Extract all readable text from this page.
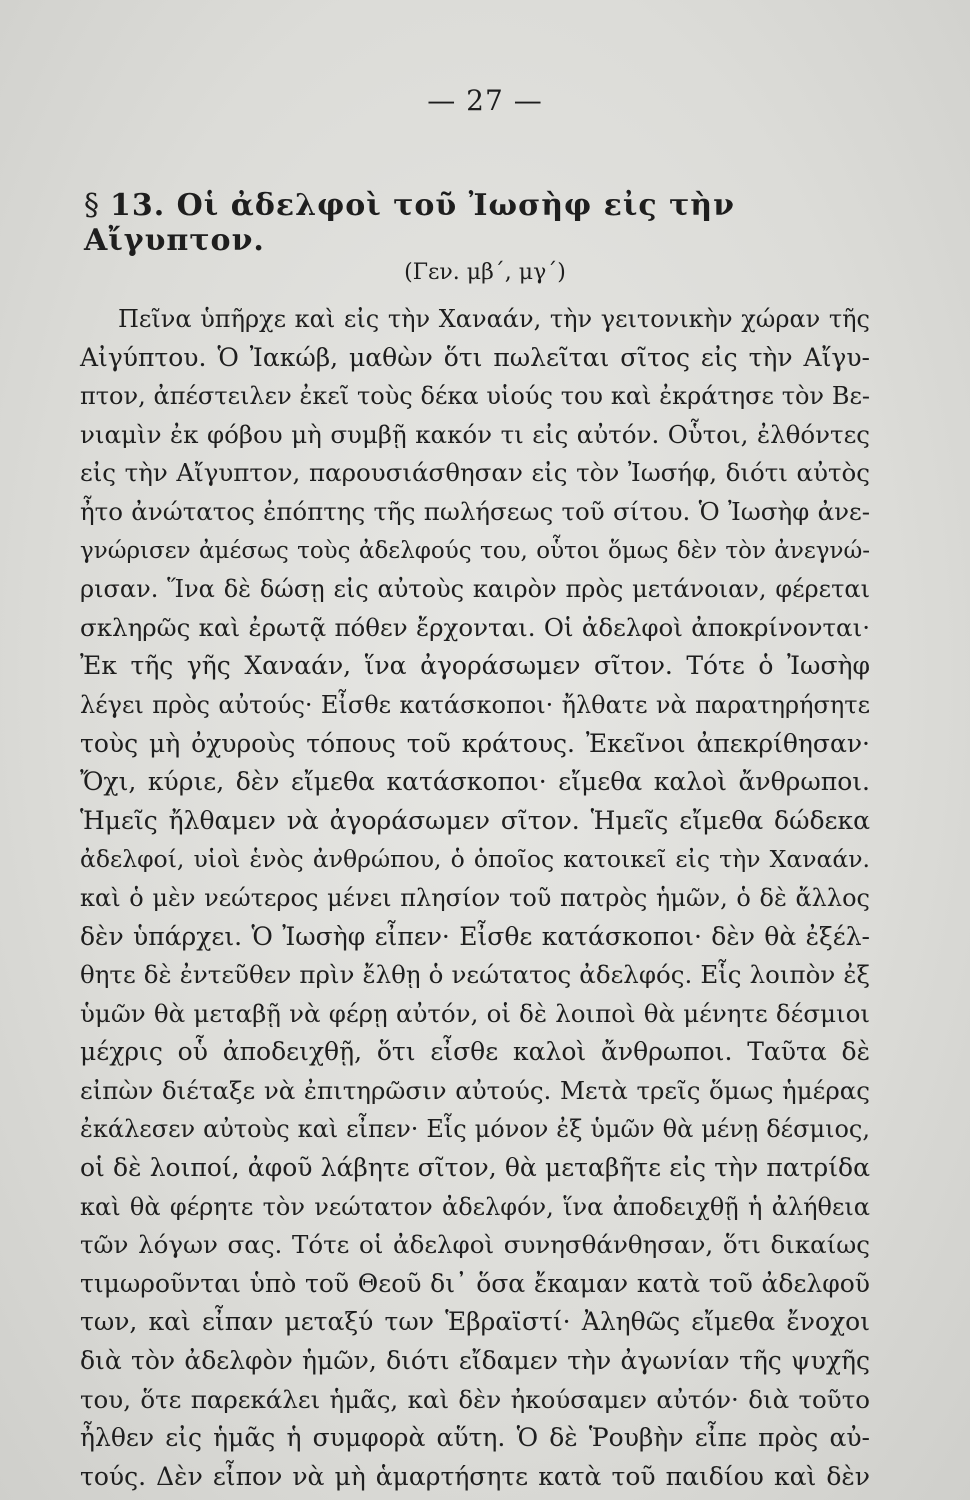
— 27 —
§ 13. Οἱ ἀδελφοὶ τοῦ Ἰωσὴφ εἰς τὴν Αἴγυπτον.
(Γεν. μβ΄, μγ΄)
Πεῖνα ὑπῆρχε καὶ εἰς τὴν Χαναάν, τὴν γειτονικὴν χώραν τῆς
Αἰγύπτου. Ὁ Ἰακώβ, μαθὼν ὅτι πωλεῖται σῖτος εἰς τὴν Αἴγυ-
πτον, ἀπέστειλεν ἐκεῖ τοὺς δέκα υἱούς του καὶ ἐκράτησε τὸν Βε-
νιαμὶν ἐκ φόβου μὴ συμβῇ κακόν τι εἰς αὐτόν. Οὗτοι, ἐλθόντες
εἰς τὴν Αἴγυπτον, παρουσιάσθησαν εἰς τὸν Ἰωσήφ, διότι αὐτὸς
ἦτο ἀνώτατος ἐπόπτης τῆς πωλήσεως τοῦ σίτου. Ὁ Ἰωσὴφ ἀνε-
γνώρισεν ἀμέσως τοὺς ἀδελφούς του, οὗτοι ὅμως δὲν τὸν ἀνεγνώ-
ρισαν. Ἵνα δὲ δώσῃ εἰς αὐτοὺς καιρὸν πρὸς μετάνοιαν, φέρεται
σκληρῶς καὶ ἐρωτᾷ πόθεν ἔρχονται. Οἱ ἀδελφοὶ ἀποκρίνονται·
Ἐκ τῆς γῆς Χαναάν, ἵνα ἀγοράσωμεν σῖτον. Τότε ὁ Ἰωσὴφ
λέγει πρὸς αὐτούς· Εἶσθε κατάσκοποι· ἤλθατε νὰ παρατηρήσητε
τοὺς μὴ ὀχυροὺς τόπους τοῦ κράτους. Ἐκεῖνοι ἀπεκρίθησαν·
Ὄχι, κύριε, δὲν εἴμεθα κατάσκοποι· εἴμεθα καλοὶ ἄνθρωποι.
Ἡμεῖς ἤλθαμεν νὰ ἀγοράσωμεν σῖτον. Ἡμεῖς εἴμεθα δώδεκα
ἀδελφοί, υἱοὶ ἑνὸς ἀνθρώπου, ὁ ὁποῖος κατοικεῖ εἰς τὴν Χαναάν.
καὶ ὁ μὲν νεώτερος μένει πλησίον τοῦ πατρὸς ἡμῶν, ὁ δὲ ἄλλος
δὲν ὑπάρχει. Ὁ Ἰωσὴφ εἶπεν· Εἶσθε κατάσκοποι· δὲν θὰ ἐξέλ-
θητε δὲ ἐντεῦθεν πρὶν ἔλθῃ ὁ νεώτατος ἀδελφός. Εἷς λοιπὸν ἐξ
ὑμῶν θὰ μεταβῇ νὰ φέρῃ αὐτόν, οἱ δὲ λοιποὶ θὰ μένητε δέσμιοι
μέχρις οὗ ἀποδειχθῇ, ὅτι εἶσθε καλοὶ ἄνθρωποι. Ταῦτα δὲ
εἰπὼν διέταξε νὰ ἐπιτηρῶσιν αὐτούς. Μετὰ τρεῖς ὅμως ἡμέρας
ἐκάλεσεν αὐτοὺς καὶ εἶπεν· Εἷς μόνον ἐξ ὑμῶν θὰ μένῃ δέσμιος,
οἱ δὲ λοιποί, ἀφοῦ λάβητε σῖτον, θὰ μεταβῆτε εἰς τὴν πατρίδα
καὶ θὰ φέρητε τὸν νεώτατον ἀδελφόν, ἵνα ἀποδειχθῇ ἡ ἀλήθεια
τῶν λόγων σας. Τότε οἱ ἀδελφοὶ συνησθάνθησαν, ὅτι δικαίως
τιμωροῦνται ὑπὸ τοῦ Θεοῦ δι᾿ ὅσα ἔκαμαν κατὰ τοῦ ἀδελφοῦ
των, καὶ εἶπαν μεταξύ των Ἑβραϊστί· Ἀληθῶς εἴμεθα ἔνοχοι
διὰ τὸν ἀδελφὸν ἡμῶν, διότι εἴδαμεν τὴν ἀγωνίαν τῆς ψυχῆς
του, ὅτε παρεκάλει ἡμᾶς, καὶ δὲν ἠκούσαμεν αὐτόν· διὰ τοῦτο
ἦλθεν εἰς ἡμᾶς ἡ συμφορὰ αὕτη. Ὁ δὲ Ῥουβὴν εἶπε πρὸς αὐ-
τούς. Δὲν εἶπον νὰ μὴ ἁμαρτήσητε κατὰ τοῦ παιδίου καὶ δὲν
